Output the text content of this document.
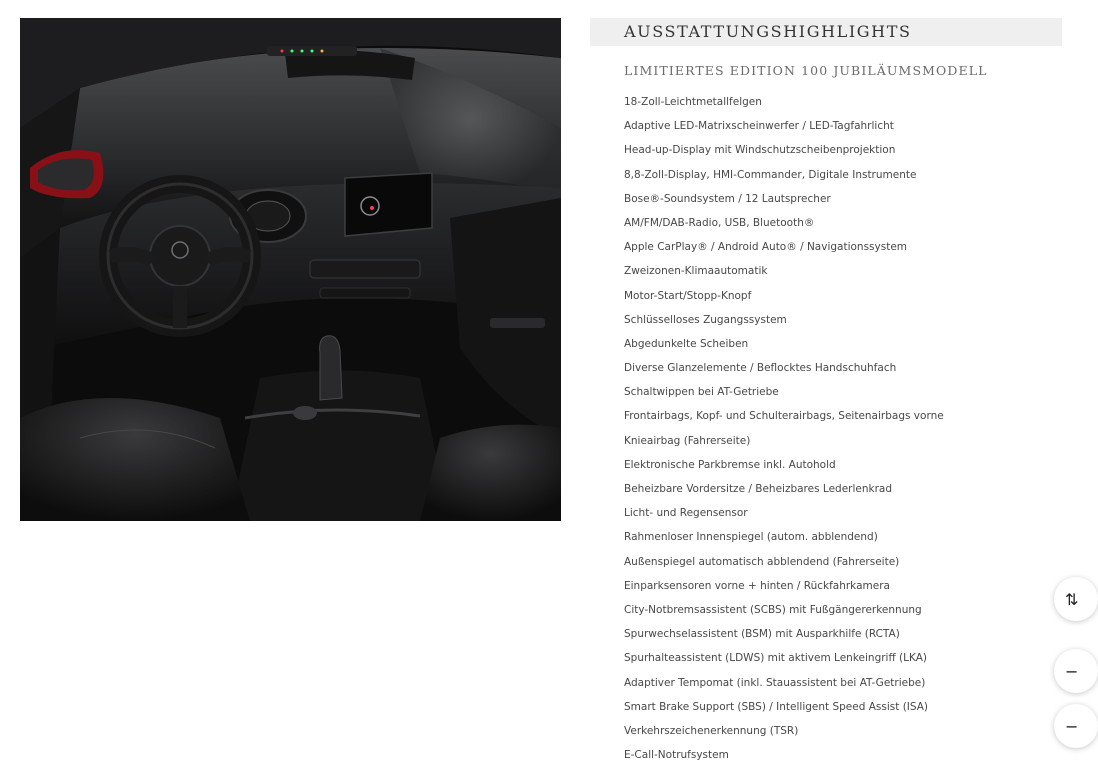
AUSSTATTUNGSHIGHLIGHTS
LIMITIERTES EDITION 100 JUBILÄUMSMODELL
18-Zoll-Leichtmetallfelgen
Adaptive LED-Matrixscheinwerfer / LED-Tagfahrlicht
Head-up-Display mit Windschutzscheibenprojektion
8,8-Zoll-Display, HMI-Commander, Digitale Instrumente
Bose®-Soundsystem / 12 Lautsprecher
AM/FM/DAB-Radio, USB, Bluetooth®
Apple CarPlay® / Android Auto® / Navigationssystem
Zweizonen-Klimaautomatik
Motor-Start/Stopp-Knopf
Schlüsselloses Zugangssystem
Abgedunkelte Scheiben
Diverse Glanzelemente / Beflocktes Handschuhfach
Schaltwippen bei AT-Getriebe
Frontairbags, Kopf- und Schulterairbags, Seitenairbags vorne
Knieairbag (Fahrerseite)
Elektronische Parkbremse inkl. Autohold
Beheizbare Vordersitze / Beheizbares Lederlenkrad
Licht- und Regensensor
Rahmenloser Innenspiegel (autom. abblendend)
Außenspiegel automatisch abblendend (Fahrerseite)
Einparksensoren vorne + hinten / Rückfahrkamera
City-Notbremsassistent (SCBS) mit Fußgängererkennung
Spurwechselassistent (BSM) mit Ausparkhilfe (RCTA)
Spurhalteassistent (LDWS) mit aktivem Lenkeingriff (LKA)
Adaptiver Tempomat (inkl. Stauassistent bei AT-Getriebe)
Smart Brake Support (SBS) / Intelligent Speed Assist (ISA)
Verkehrszeichenerkennung (TSR)
E-Call-Notrufsystem
⇅
−
−
